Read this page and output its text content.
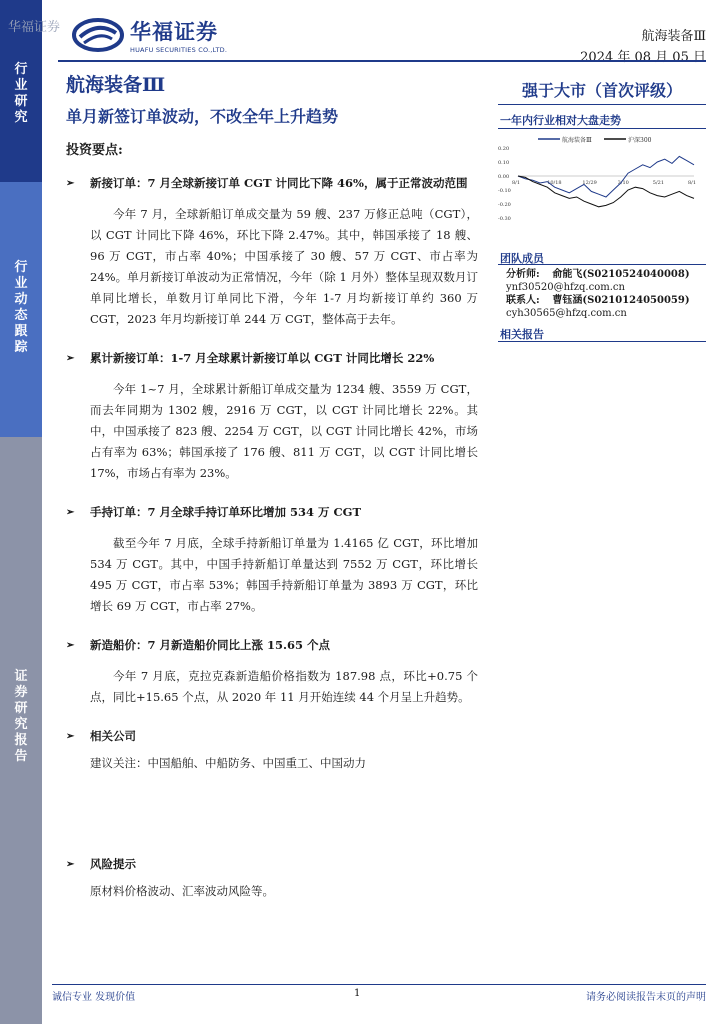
行
业
研
究
行
业
动
态
跟
踪
证
券
研
究
报
告
华福证券	华福证券
HUAFU SECURITIES CO.,LTD.
航海装备Ⅲ
2024 年 08 月 05 日
航海装备Ⅲ
单月新签订单波动，不改全年上升趋势
投资要点:
➢	新接订单：7 月全球新接订单 CGT 计同比下降 46%，属于正常波动范围
今年 7 月，全球新船订单成交量为 59 艘、237 万修正总吨（CGT），以 CGT 计同比下降 46%，环比下降 2.47%。其中，韩国承接了 18 艘、96 万 CGT，市占率 40%；中国承接了 30 艘、57 万 CGT、市占率为 24%。单月新接订单波动为正常情况，今年（除 1 月外）整体呈现双数月订单同比增长，单数月订单同比下滑，今年 1-7 月均新接订单约 360 万 CGT，2023 年月均新接订单 244 万 CGT，整体高于去年。
➢	累计新接订单：1-7 月全球累计新接订单以 CGT 计同比增长 22%
今年 1~7 月，全球累计新船订单成交量为 1234 艘、3559 万 CGT，而去年同期为 1302 艘，2916 万 CGT，以 CGT 计同比增长 22%。其中，中国承接了 823 艘、2254 万 CGT，以 CGT 计同比增长 42%，市场占有率为 63%；韩国承接了 176 艘、811 万 CGT，以 CGT 计同比增长 17%，市场占有率为 23%。
➢	手持订单：7 月全球手持订单环比增加 534 万 CGT
截至今年 7 月底，全球手持新船订单量为 1.4165 亿 CGT，环比增加 534 万 CGT。其中，中国手持新船订单量达到 7552 万 CGT，环比增长 495 万 CGT，市占率 53%；韩国手持新船订单量为 3893 万 CGT，环比增长 69 万 CGT，市占率 27%。
➢	新造船价：7 月新造船价同比上涨 15.65 个点
今年 7 月底，克拉克森新造船价格指数为 187.98 点，环比+0.75 个点，同比+15.65 个点，从 2020 年 11 月开始连续 44 个月呈上升趋势。
➢	相关公司
建议关注：中国船舶、中船防务、中国重工、中国动力
➢	风险提示
原材料价格波动、汇率波动风险等。
强于大市（首次评级）
一年内行业相对大盘走势
航海装备Ⅲ	沪深300
0.20
0.10
0.00
-0.10
-0.20
-0.30
8/1	10/18	12/29	3/10	5/21	8/1
团队成员
分析师: 俞能飞(S0210524040008)
ynf30520@hfzq.com.cn
联系人: 曹钰涵(S0210124050059)
cyh30565@hfzq.com.cn
相关报告
诚信专业 发现价值	1	请务必阅读报告末页的声明
